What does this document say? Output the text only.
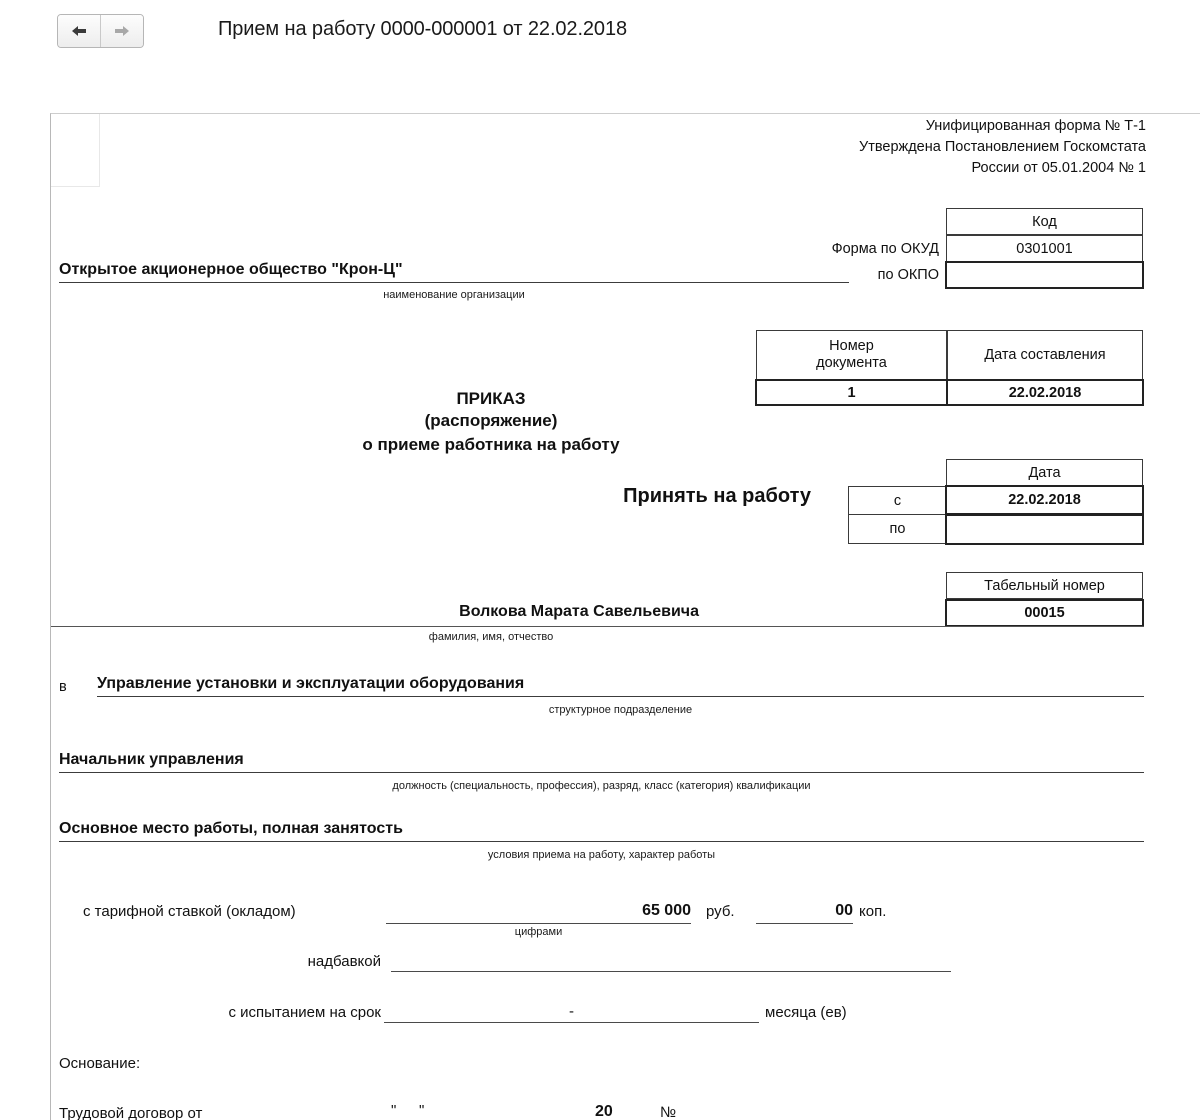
Прием на работу 0000-000001 от 22.02.2018
Унифицированная форма № Т-1
Утверждена Постановлением Госкомстата
России от 05.01.2004 № 1
Код
Форма по ОКУД	0301001
по ОКПО
Открытое акционерное общество "Крон-Ц"
наименование организации
Номер
документа	Дата составления
1	22.02.2018
ПРИКАЗ
(распоряжение)
о приеме работника на работу
Принять на работу
Дата
с	22.02.2018
по
Табельный номер
00015
Волкова Марата Савельевича
фамилия, имя, отчество
в Управление установки и эксплуатации оборудования
структурное подразделение
Начальник управления
должность (специальность, профессия), разряд, класс (категория) квалификации
Основное место работы, полная занятость
условия приема на работу, характер работы
с тарифной ставкой (окладом)	65 000 руб.	00 коп.
цифрами
надбавкой
с испытанием на срок	-	месяца (ев)
Основание:
Трудовой договор от	" "	20	№
